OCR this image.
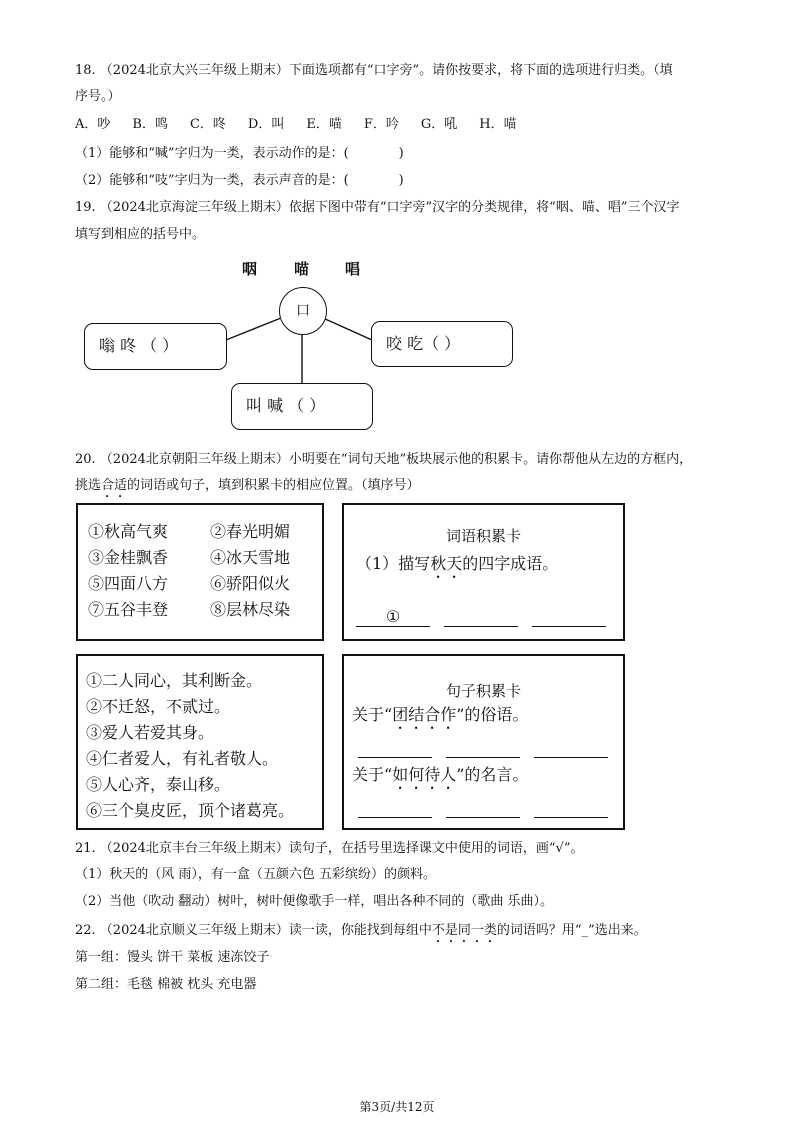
18. （2024北京大兴三年级上期末）下面选项都有“口字旁”。请你按要求，将下面的选项进行归类。（填
序号。）
A．吵 B．鸣 C．咚 D．叫 E．喵 F．吟 G．吼 H．喵
（1）能够和“喊”字归为一类，表示动作的是：(	)
（2）能够和“吱”字归为一类，表示声音的是：(	)
19. （2024北京海淀三年级上期末）依据下图中带有“口字旁”汉字的分类规律，将“咽、喵、唱”三个汉字
填写到相应的括号中。
咽 喵 唱
口
嗡 咚 （ ）	咬 吃（ ）
叫 喊 （ ）
20. （2024北京朝阳三年级上期末）小明要在“词句天地”板块展示他的积累卡。请你帮他从左边的方框内，
挑选合适的词语或句子，填到积累卡的相应位置。（填序号）
①秋高气爽	②春光明媚
③金桂飘香	④冰天雪地
⑤四面八方	⑥骄阳似火
⑦五谷丰登	⑧层林尽染
词语积累卡
（1）描写秋天的四字成语。
①
①二人同心，其利断金。
②不迁怒，不贰过。
③爱人若爱其身。
④仁者爱人，有礼者敬人。
⑤人心齐，泰山移。
⑥三个臭皮匠，顶个诸葛亮。
句子积累卡
关于“团结合作”的俗语。
关于“如何待人”的名言。
21. （2024北京丰台三年级上期末）读句子，在括号里选择课文中使用的词语，画“√”。
（1）秋天的（风 雨），有一盒（五颜六色 五彩缤纷）的颜料。
（2）当他（吹动 翻动）树叶，树叶便像歌手一样，唱出各种不同的（歌曲 乐曲）。
22. （2024北京顺义三年级上期末）读一读，你能找到每组中不是同一类的词语吗？用“_”选出来。
第一组：馒头 饼干 菜板 速冻饺子
第二组：毛毯 棉被 枕头 充电器
第3页/共12页
